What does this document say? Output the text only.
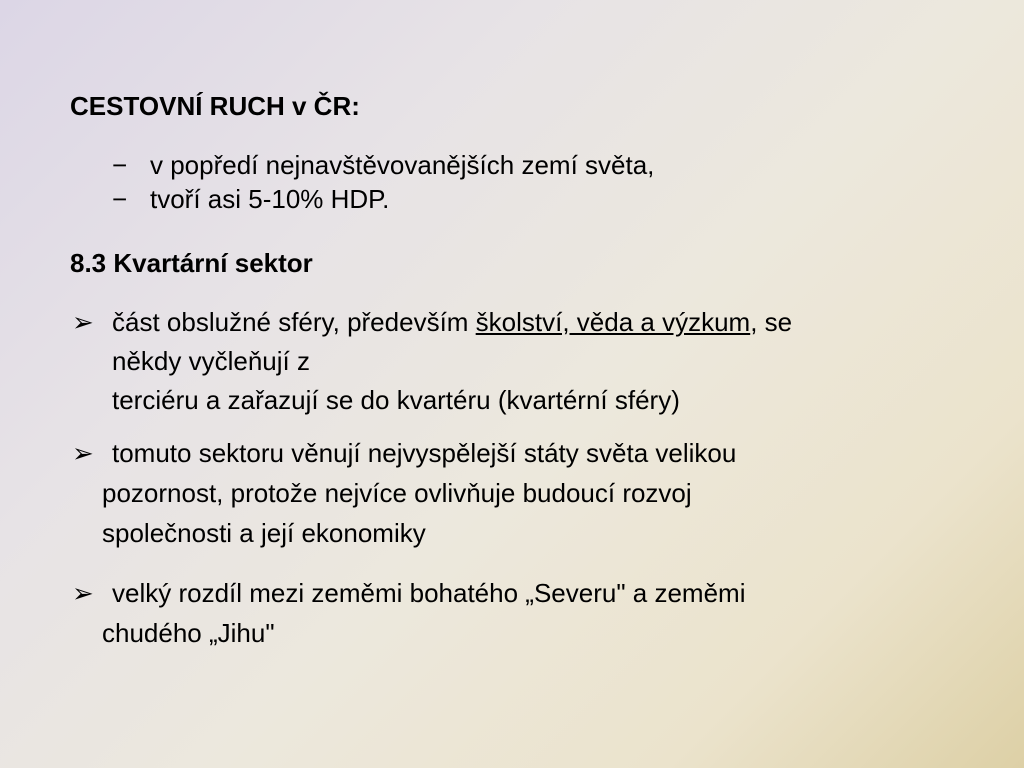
CESTOVNÍ RUCH v ČR:
− v popředí nejnavštěvovanějších zemí světa,
− tvoří asi 5-10% HDP.
8.3 Kvartární sektor
➢ část obslužné sféry, především školství, věda a výzkum, se
někdy vyčleňují z
terciéru a zařazují se do kvartéru (kvartérní sféry)
➢ tomuto sektoru věnují nejvyspělejší státy světa velikou
pozornost, protože nejvíce ovlivňuje budoucí rozvoj
společnosti a její ekonomiky
➢ velký rozdíl mezi zeměmi bohatého „Severu" a zeměmi
chudého „Jihu"
